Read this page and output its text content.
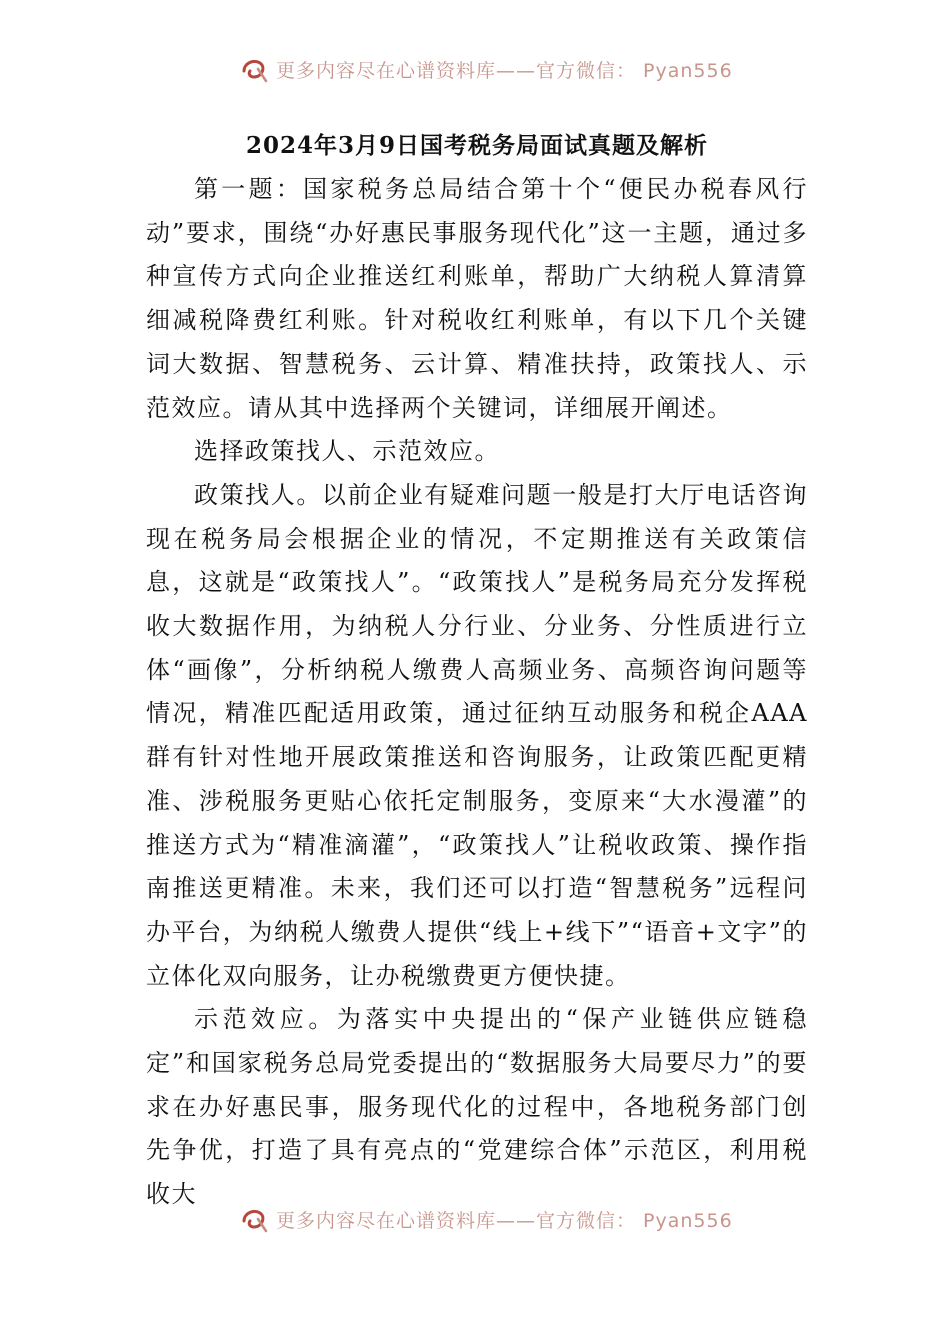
更多内容尽在心谱资料库——官方微信： Pyan556
2024年3月9日国考税务局面试真题及解析

第一题：国家税务总局结合第十个“便民办税春风行动”要求，围绕“办好惠民事服务现代化”这一主题，通过多种宣传方式向企业推送红利账单，帮助广大纳税人算清算细减税降费红利账。针对税收红利账单，有以下几个关键词大数据、智慧税务、云计算、精准扶持，政策找人、示范效应。请从其中选择两个关键词，详细展开阐述。

选择政策找人、示范效应。

政策找人。以前企业有疑难问题一般是打大厅电话咨询现在税务局会根据企业的情况，不定期推送有关政策信息，这就是“政策找人”。“政策找人”是税务局充分发挥税收大数据作用，为纳税人分行业、分业务、分性质进行立体“画像”，分析纳税人缴费人高频业务、高频咨询问题等情况，精准匹配适用政策，通过征纳互动服务和税企AAA群有针对性地开展政策推送和咨询服务，让政策匹配更精准、涉税服务更贴心依托定制服务，变原来“大水漫灌”的推送方式为“精准滴灌”，“政策找人”让税收政策、操作指南推送更精准。未来，我们还可以打造“智慧税务”远程问办平台，为纳税人缴费人提供“线上+线下”“语音+文字”的立体化双向服务，让办税缴费更方便快捷。

示范效应。为落实中央提出的“保产业链供应链稳定”和国家税务总局党委提出的“数据服务大局要尽力”的要求在办好惠民事，服务现代化的过程中，各地税务部门创先争优，打造了具有亮点的“党建综合体”示范区，利用税收大

更多内容尽在心谱资料库——官方微信： Pyan556
